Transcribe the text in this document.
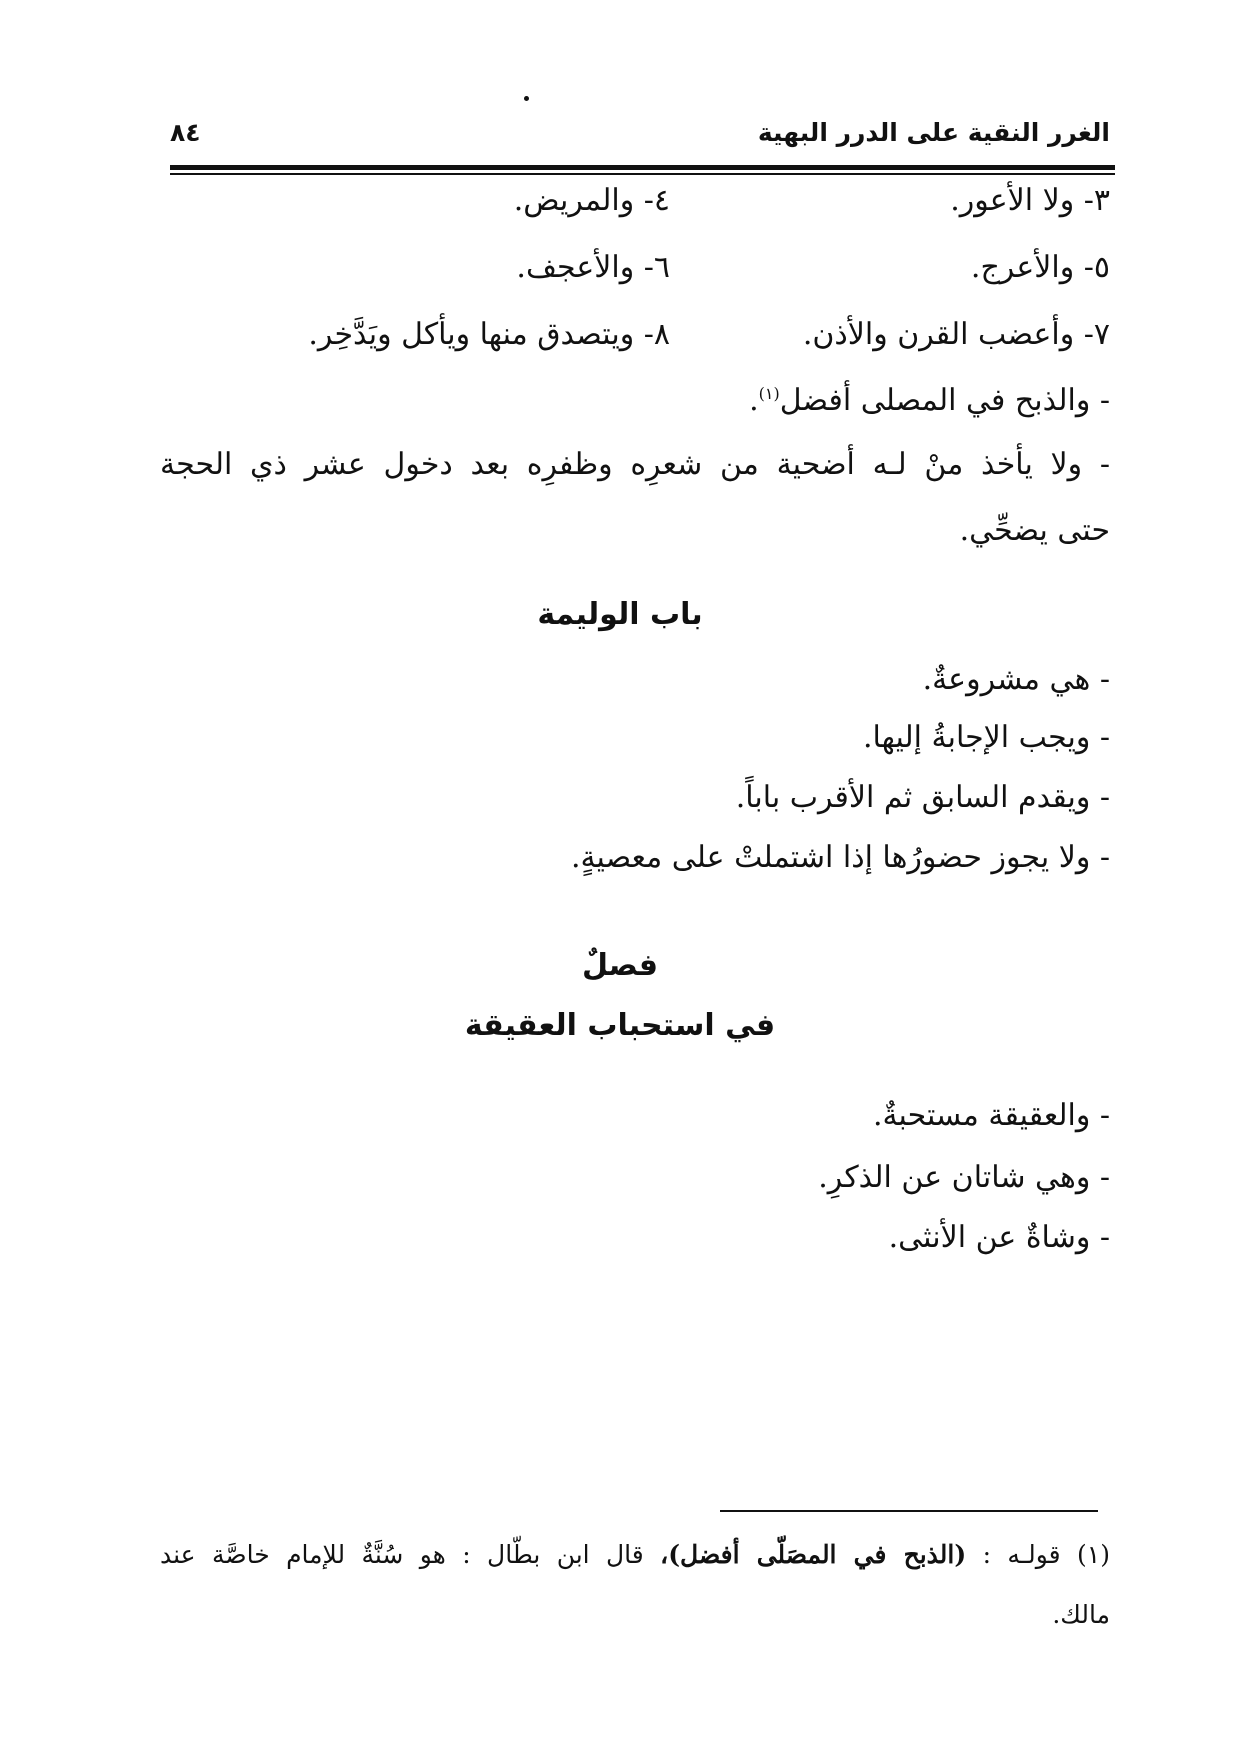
الغرر النقية على الدرر البهية
٨٤
٣- ولا الأعور.
٤- والمريض.
٥- والأعرج.
٦- والأعجف.
٧- وأعضب القرن والأذن.
٨- ويتصدق منها ويأكل ويَدَّخِر.
- والذبح في المصلى أفضل$^{(١)}$.
- ولا يأخذ منْ لـه أضحية من شعرِه وظفرِه بعد دخول عشر ذي الحجة
حتى يضحِّي.
باب الوليمة
- هي مشروعةٌ.
- ويجب الإجابةُ إليها.
- ويقدم السابق ثم الأقرب باباً.
- ولا يجوز حضورُها إذا اشتملتْ على معصيةٍ.
فصلٌ
في استحباب العقيقة
- والعقيقة مستحبةٌ.
- وهي شاتان عن الذكرِ.
- وشاةٌ عن الأنثى.
(١) قولـه : (الذبح في المصَلّى أفضل)، قال ابن بطّال : هو سُنَّةٌ للإمام خاصَّة عند
مالك.
